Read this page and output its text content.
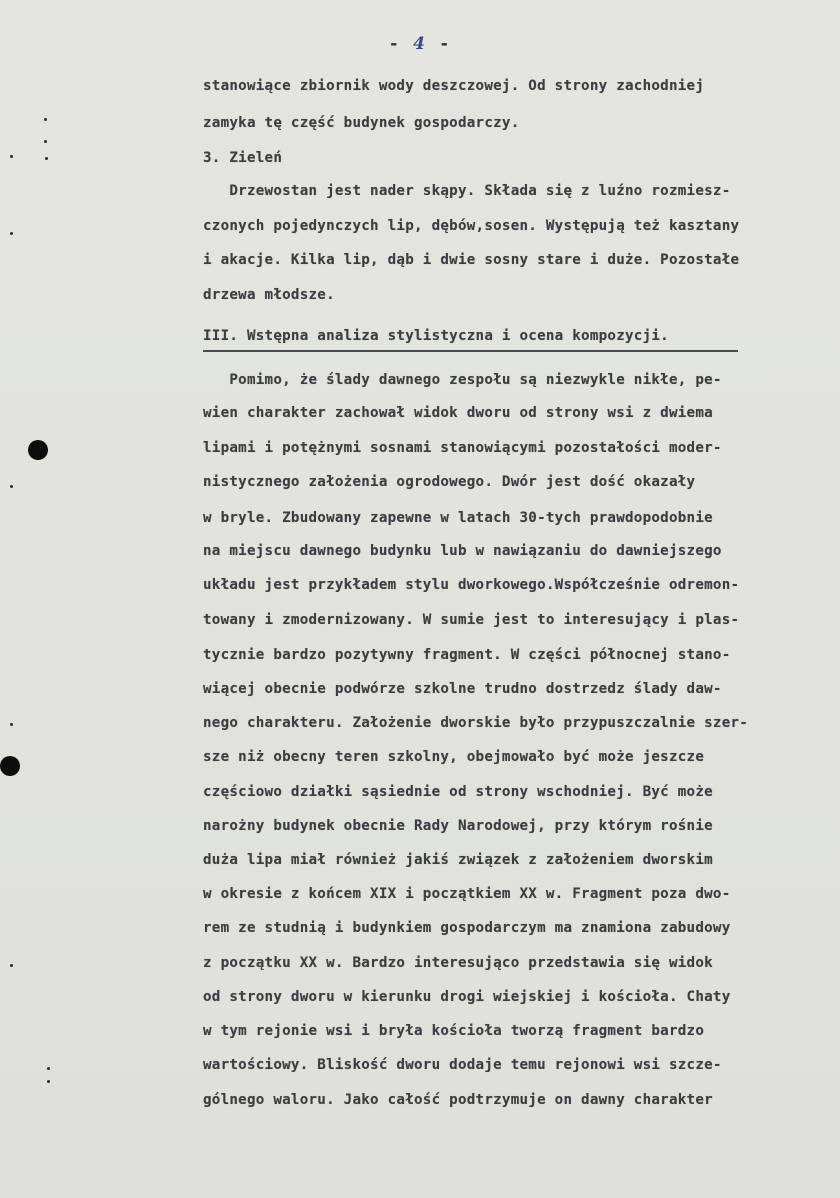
- 4 -
stanowiące zbiornik wody deszczowej. Od strony zachodniej
zamyka tę część budynek gospodarczy.
3. Zieleń
Drzewostan jest nader skąpy. Składa się z luźno rozmiesz-
czonych pojedynczych lip, dębów,sosen. Występują też kasztany
i akacje. Kilka lip, dąb i dwie sosny stare i duże. Pozostałe
drzewa młodsze.
III. Wstępna analiza stylistyczna i ocena kompozycji.
Pomimo, że ślady dawnego zespołu są niezwykle nikłe, pe-
wien charakter zachował widok dworu od strony wsi z dwiema
lipami i potężnymi sosnami stanowiącymi pozostałości moder-
nistycznego założenia ogrodowego. Dwór jest dość okazały
w bryle. Zbudowany zapewne w latach 30-tych prawdopodobnie
na miejscu dawnego budynku lub w nawiązaniu do dawniejszego
układu jest przykładem stylu dworkowego.Współcześnie odremon-
towany i zmodernizowany. W sumie jest to interesujący i plas-
tycznie bardzo pozytywny fragment. W części północnej stano-
wiącej obecnie podwórze szkolne trudno dostrzedz ślady daw-
nego charakteru. Założenie dworskie było przypuszczalnie szer-
sze niż obecny teren szkolny, obejmowało być może jeszcze
częściowo działki sąsiednie od strony wschodniej. Być może
narożny budynek obecnie Rady Narodowej, przy którym rośnie
duża lipa miał również jakiś związek z założeniem dworskim
w okresie z końcem XIX i początkiem XX w. Fragment poza dwo-
rem ze studnią i budynkiem gospodarczym ma znamiona zabudowy
z początku XX w. Bardzo interesująco przedstawia się widok
od strony dworu w kierunku drogi wiejskiej i kościoła. Chaty
w tym rejonie wsi i bryła kościoła tworzą fragment bardzo
wartościowy. Bliskość dworu dodaje temu rejonowi wsi szcze-
gólnego waloru. Jako całość podtrzymuje on dawny charakter
